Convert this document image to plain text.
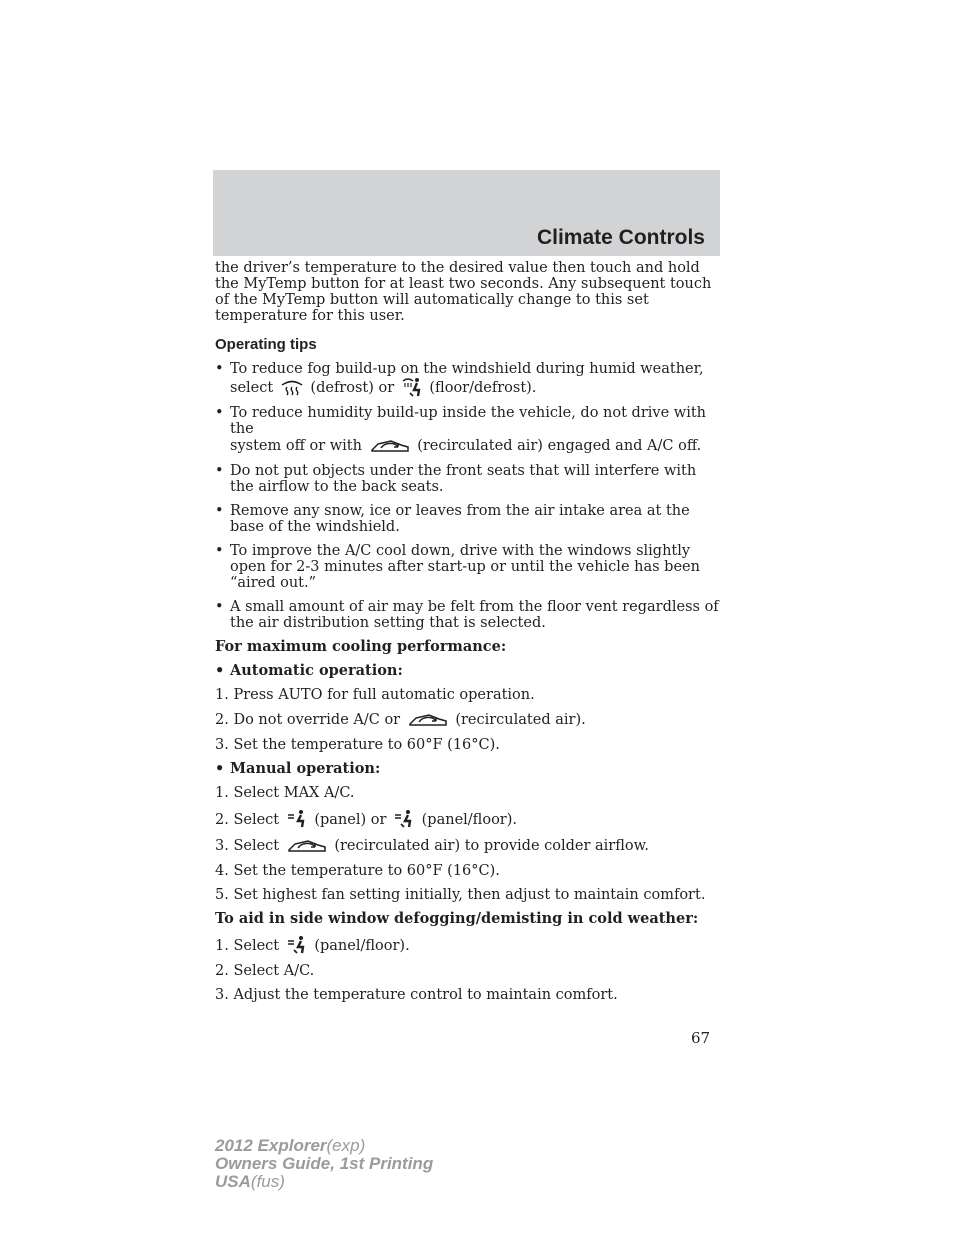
Climate Controls

the driver’s temperature to the desired value then touch and hold the MyTemp button for at least two seconds. Any subsequent touch of the MyTemp button will automatically change to this set temperature for this user.

Operating tips

• To reduce fog build-up on the windshield during humid weather,
select	(defrost) or (floor/defrost).

• To reduce humidity build-up inside the vehicle, do not drive with the
system off or with	(recirculated air) engaged and A/C off.

• Do not put objects under the front seats that will interfere with the airflow to the back seats.

• Remove any snow, ice or leaves from the air intake area at the base of the windshield.

• To improve the A/C cool down, drive with the windows slightly open for 2-3 minutes after start-up or until the vehicle has been “aired out.”

• A small amount of air may be felt from the floor vent regardless of the air distribution setting that is selected.

For maximum cooling performance:

• Automatic operation:

1. Press AUTO for full automatic operation.

2. Do not override A/C or	(recirculated air).

3. Set the temperature to 60°F (16°C).

• Manual operation:

1. Select MAX A/C.

2. Select (panel) or (panel/floor).

3. Select	(recirculated air) to provide colder airflow.

4. Set the temperature to 60°F (16°C).

5. Set highest fan setting initially, then adjust to maintain comfort.

To aid in side window defogging/demisting in cold weather:

1. Select (panel/floor).

2. Select A/C.

3. Adjust the temperature control to maintain comfort.

67
2012 Explorer(exp)
Owners Guide, 1st Printing
USA(fus)
